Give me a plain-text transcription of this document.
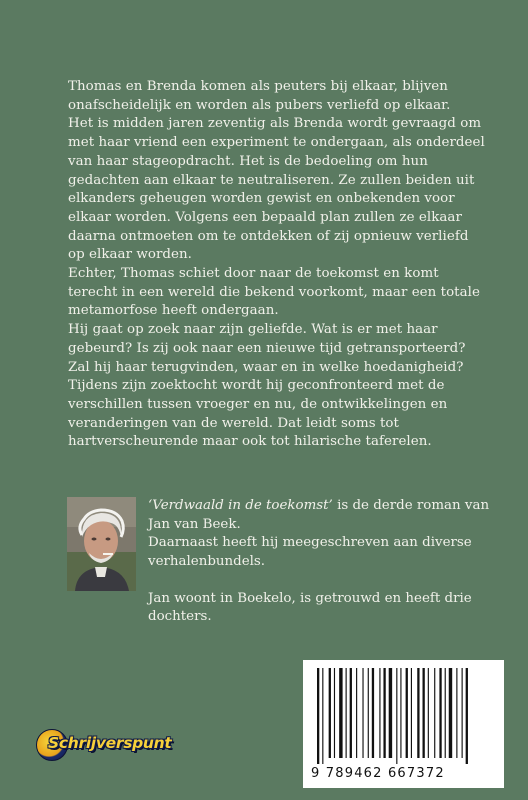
Thomas en Brenda komen als peuters bij elkaar, blijven onafscheidelijk en worden als pubers verliefd op elkaar.

Het is midden jaren zeventig als Brenda wordt gevraagd om met haar vriend een experiment te ondergaan, als onderdeel van haar stageopdracht. Het is de bedoeling om hun gedachten aan elkaar te neutraliseren. Ze zullen beiden uit elkanders geheugen worden gewist en onbekenden voor elkaar worden. Volgens een bepaald plan zullen ze elkaar daarna ontmoeten om te ontdekken of zij opnieuw verliefd op elkaar worden.

Echter, Thomas schiet door naar de toekomst en komt terecht in een wereld die bekend voorkomt, maar een totale metamorfose heeft ondergaan.

Hij gaat op zoek naar zijn geliefde. Wat is er met haar gebeurd? Is zij ook naar een nieuwe tijd getransporteerd? Zal hij haar terugvinden, waar en in welke hoedanigheid?

Tijdens zijn zoektocht wordt hij geconfronteerd met de verschillen tussen vroeger en nu, de ontwikkelingen en veranderingen van de wereld. Dat leidt soms tot hartverscheurende maar ook tot hilarische taferelen.

‘Verdwaald in de toekomst’ is de derde roman van Jan van Beek.

Daarnaast heeft hij meegeschreven aan diverse verhalenbundels.

Jan woont in Boekelo, is getrouwd en heeft drie dochters.

9 789462 667372
Schrijverspunt
